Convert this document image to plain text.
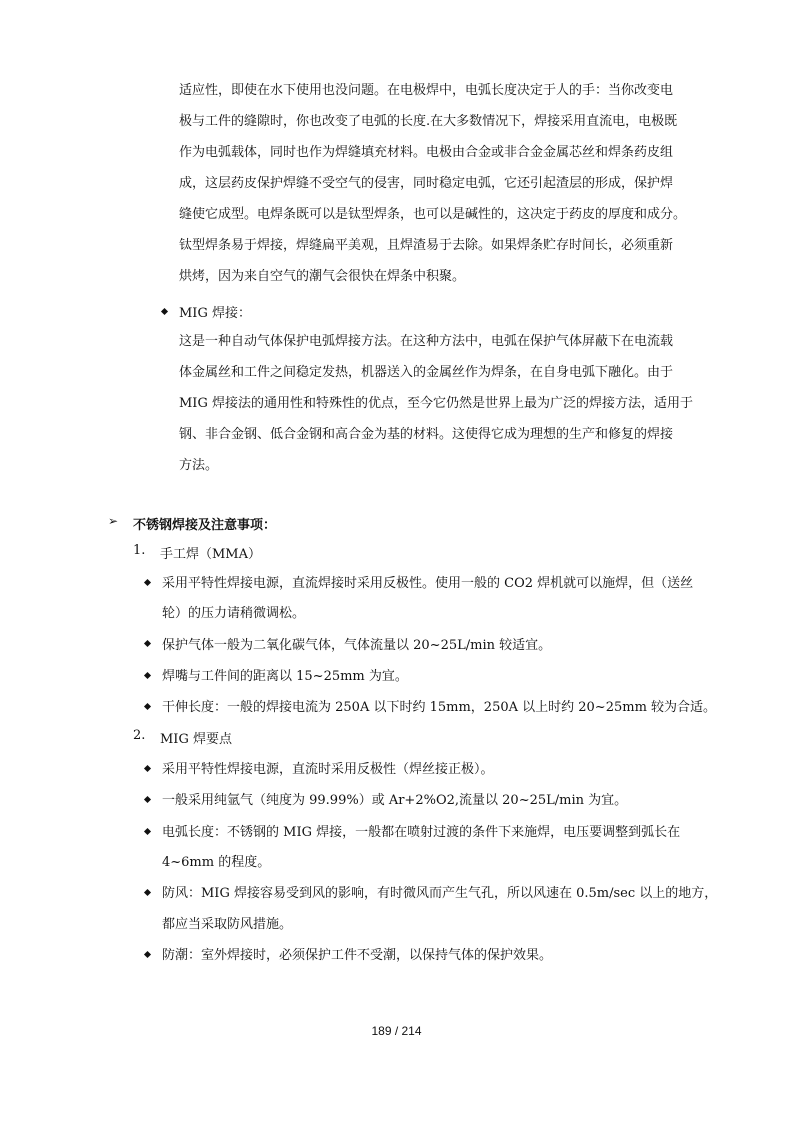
适应性，即使在水下使用也没问题。在电极焊中，电弧长度决定于人的手：当你改变电

极与工件的缝隙时，你也改变了电弧的长度.在大多数情况下，焊接采用直流电，电极既

作为电弧载体，同时也作为焊缝填充材料。电极由合金或非合金金属芯丝和焊条药皮组

成，这层药皮保护焊缝不受空气的侵害，同时稳定电弧，它还引起渣层的形成，保护焊

缝使它成型。电焊条既可以是钛型焊条，也可以是碱性的，这决定于药皮的厚度和成分。

钛型焊条易于焊接，焊缝扁平美观，且焊渣易于去除。如果焊条贮存时间长，必须重新

烘烤，因为来自空气的潮气会很快在焊条中积聚。

MIG 焊接：

这是一种自动气体保护电弧焊接方法。在这种方法中，电弧在保护气体屏蔽下在电流载

体金属丝和工件之间稳定发热，机器送入的金属丝作为焊条，在自身电弧下融化。由于

MIG 焊接法的通用性和特殊性的优点，至今它仍然是世界上最为广泛的焊接方法，适用于

钢、非合金钢、低合金钢和高合金为基的材料。这使得它成为理想的生产和修复的焊接

方法。

➢ 不锈钢焊接及注意事项：
1. 手工焊（MMA）
采用平特性焊接电源，直流焊接时采用反极性。使用一般的 CO2 焊机就可以施焊，但（送丝
轮）的压力请稍微调松。
保护气体一般为二氧化碳气体，气体流量以 20~25L/min 较适宜。
焊嘴与工件间的距离以 15~25mm 为宜。
干伸长度：一般的焊接电流为 250A 以下时约 15mm，250A 以上时约 20~25mm 较为合适。
2. MIG 焊要点
采用平特性焊接电源，直流时采用反极性（焊丝接正极）。
一般采用纯氩气（纯度为 99.99%）或 Ar+2%O2,流量以 20~25L/min 为宜。
电弧长度：不锈钢的 MIG 焊接，一般都在喷射过渡的条件下来施焊，电压要调整到弧长在
4~6mm 的程度。
防风：MIG 焊接容易受到风的影响，有时微风而产生气孔，所以风速在 0.5m/sec 以上的地方，
都应当采取防风措施。
防潮：室外焊接时，必须保护工件不受潮，以保持气体的保护效果。
189 / 214
